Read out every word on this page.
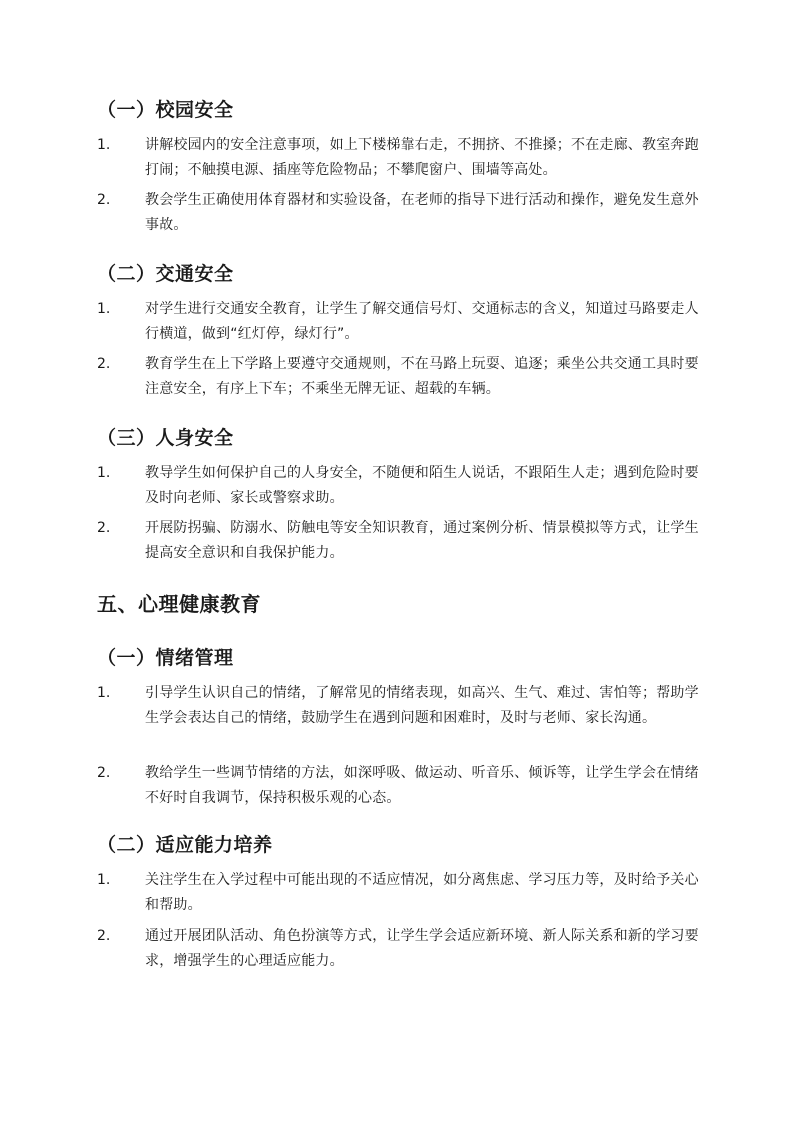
（一）校园安全
1. 讲解校园内的安全注意事项，如上下楼梯靠右走，不拥挤、不推搡；不在走廊、教室奔跑打闹；不触摸电源、插座等危险物品；不攀爬窗户、围墙等高处。
2. 教会学生正确使用体育器材和实验设备，在老师的指导下进行活动和操作，避免发生意外事故。
（二）交通安全
1. 对学生进行交通安全教育，让学生了解交通信号灯、交通标志的含义，知道过马路要走人行横道，做到“红灯停，绿灯行”。
2. 教育学生在上下学路上要遵守交通规则，不在马路上玩耍、追逐；乘坐公共交通工具时要注意安全，有序上下车；不乘坐无牌无证、超载的车辆。
（三）人身安全
1. 教导学生如何保护自己的人身安全，不随便和陌生人说话，不跟陌生人走；遇到危险时要及时向老师、家长或警察求助。
2. 开展防拐骗、防溺水、防触电等安全知识教育，通过案例分析、情景模拟等方式，让学生提高安全意识和自我保护能力。
五、心理健康教育
（一）情绪管理
1. 引导学生认识自己的情绪，了解常见的情绪表现，如高兴、生气、难过、害怕等；帮助学生学会表达自己的情绪，鼓励学生在遇到问题和困难时，及时与老师、家长沟通。
2. 教给学生一些调节情绪的方法，如深呼吸、做运动、听音乐、倾诉等，让学生学会在情绪不好时自我调节，保持积极乐观的心态。
（二）适应能力培养
1. 关注学生在入学过程中可能出现的不适应情况，如分离焦虑、学习压力等，及时给予关心和帮助。
2. 通过开展团队活动、角色扮演等方式，让学生学会适应新环境、新人际关系和新的学习要求，增强学生的心理适应能力。
